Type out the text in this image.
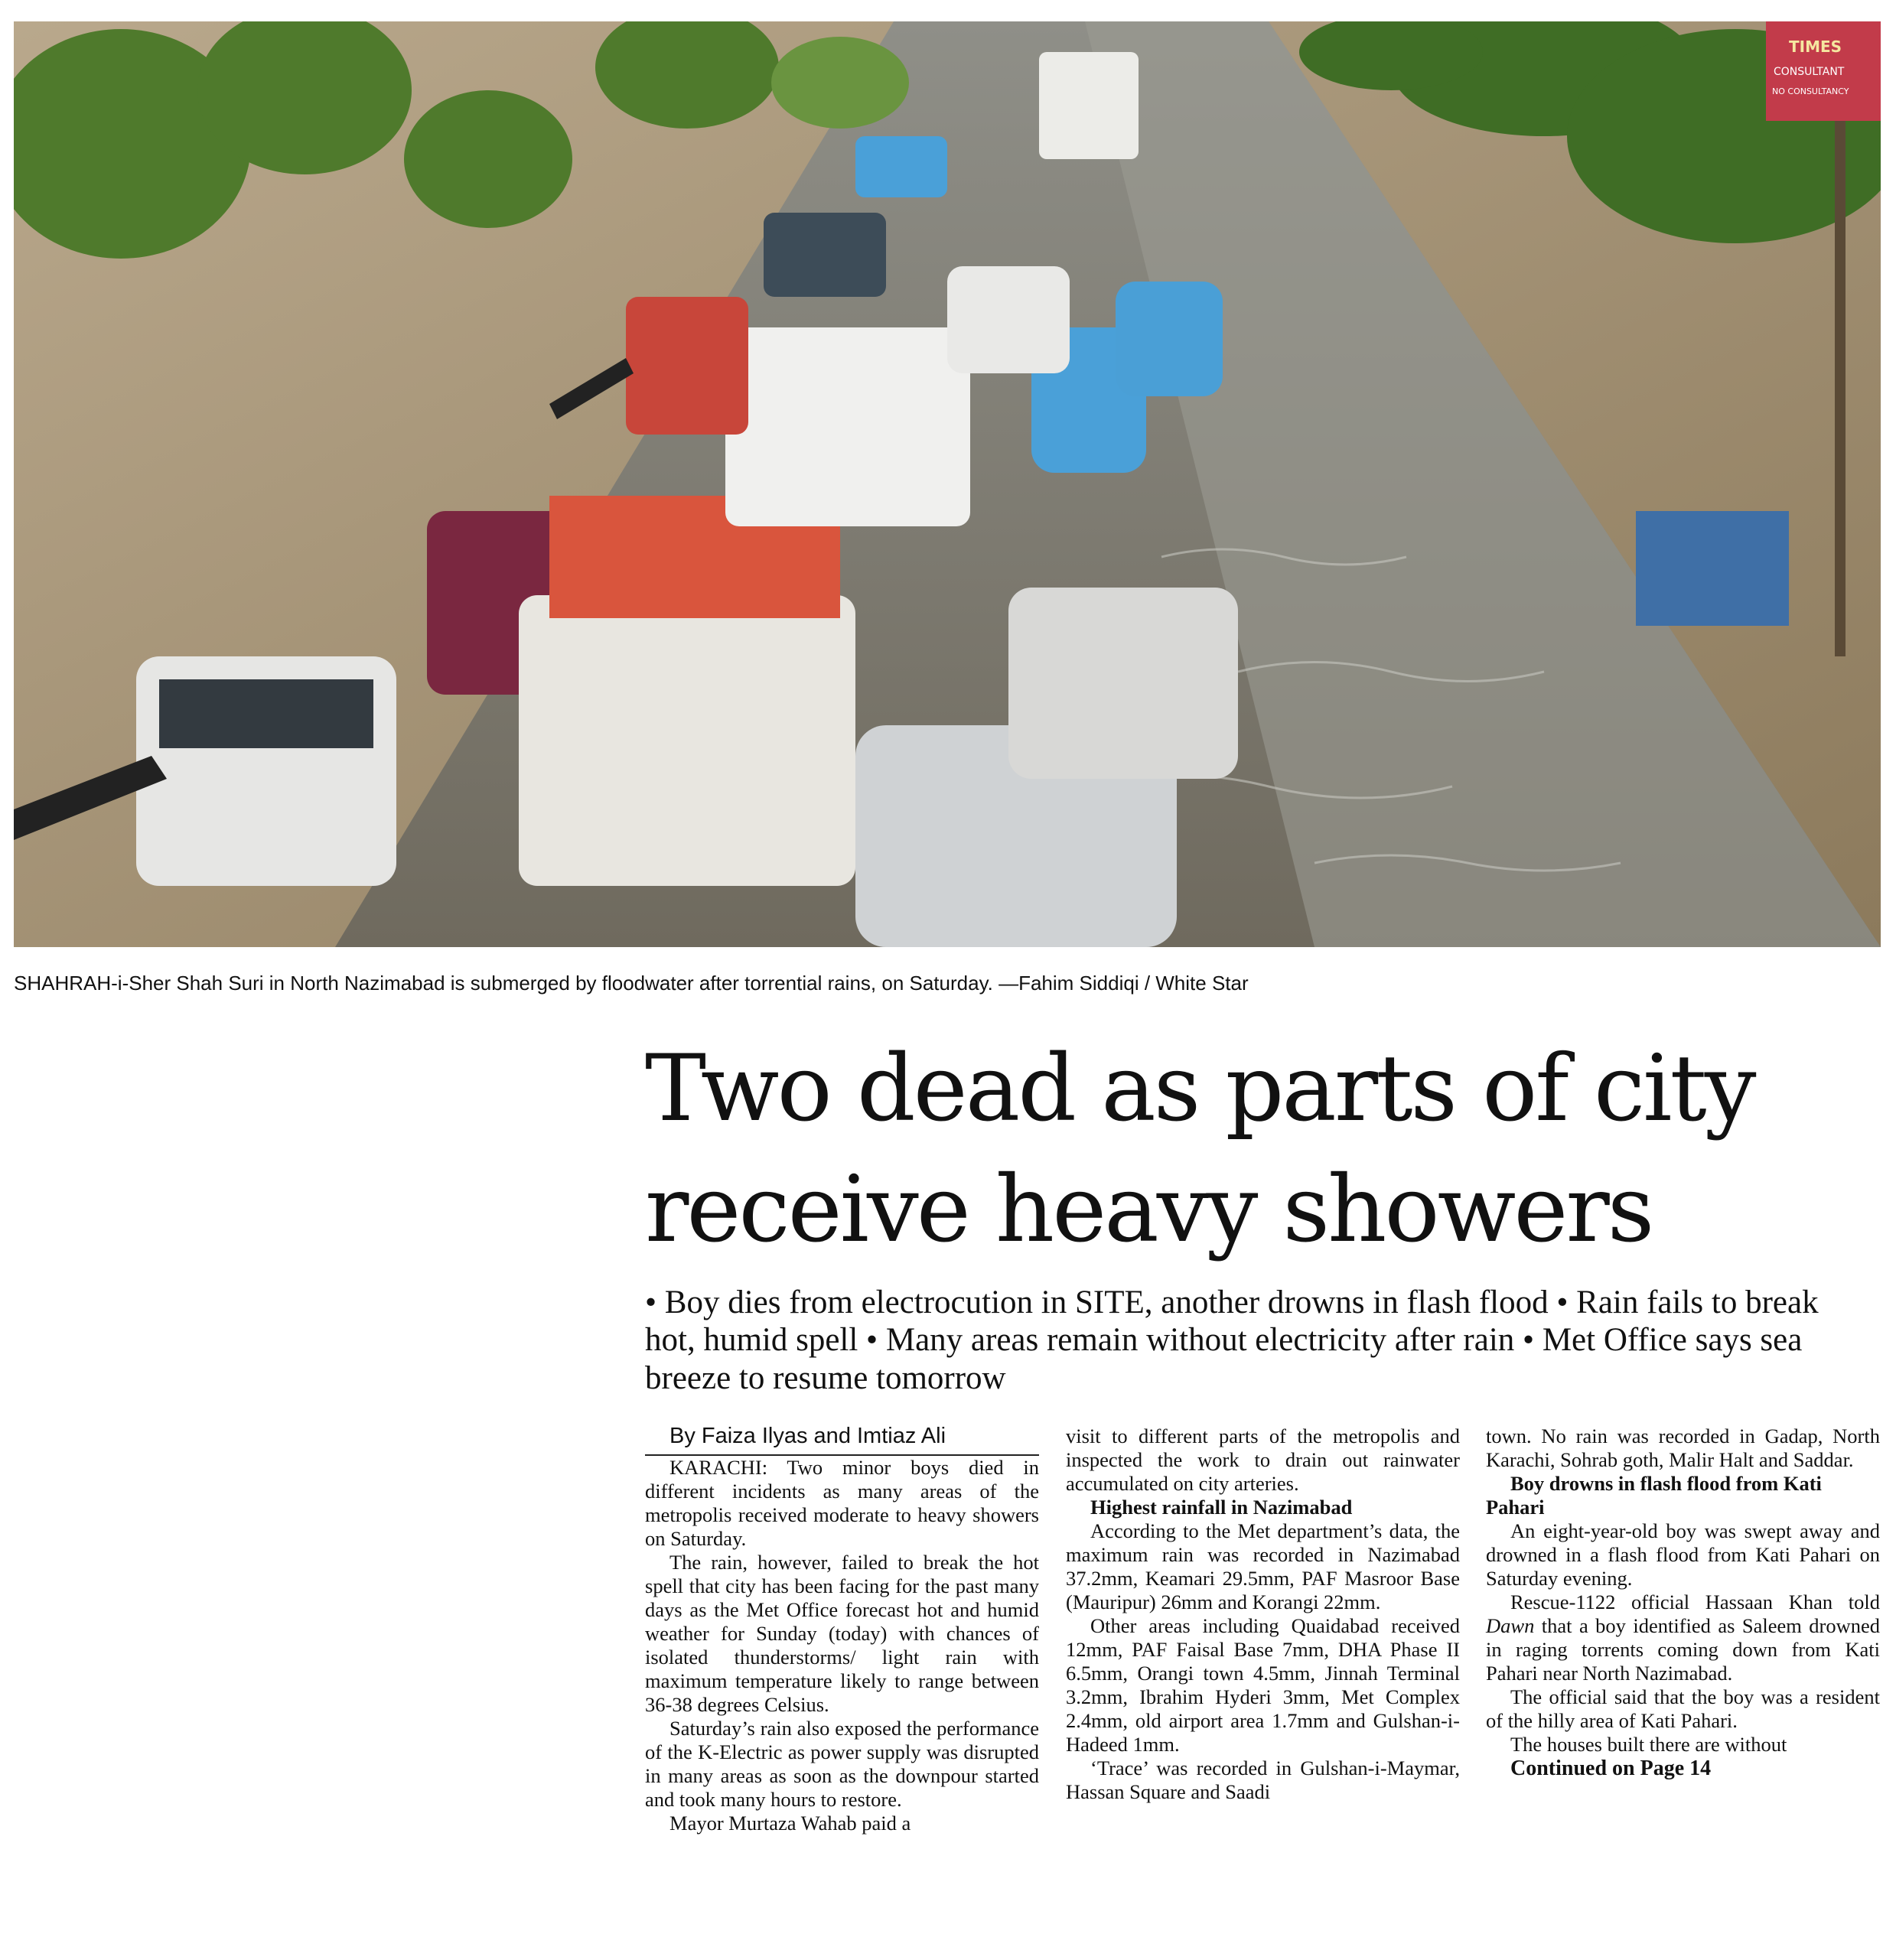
TIMES
CONSULTANT
NO CONSULTANCY
SHAHRAH-i-Sher Shah Suri in North Nazimabad is submerged by floodwater after torrential rains, on Saturday. —Fahim Siddiqi / White Star
Two dead as parts of city receive heavy showers
• Boy dies from electrocution in SITE, another drowns in flash flood • Rain fails to break hot, humid spell • Many areas remain without electricity after rain • Met Office says sea breeze to resume tomorrow

By Faiza Ilyas and Imtiaz Ali

KARACHI: Two minor boys died in different incidents as many areas of the metropolis received moderate to heavy showers on Saturday.

The rain, however, failed to break the hot spell that city has been facing for the past many days as the Met Office forecast hot and humid weather for Sunday (today) with chances of isolated thunderstorms/ light rain with maximum temperature likely to range between 36-38 degrees Celsius.

Saturday’s rain also exposed the performance of the K-Electric as power supply was disrupted in many areas as soon as the downpour started and took many hours to restore.

Mayor Murtaza Wahab paid a

visit to different parts of the metropolis and inspected the work to drain out rainwater accumulated on city arteries.

Highest rainfall in Nazimabad

According to the Met department’s data, the maximum rain was recorded in Nazimabad 37.2mm, Keamari 29.5mm, PAF Masroor Base (Mauripur) 26mm and Korangi 22mm.

Other areas including Quaidabad received 12mm, PAF Faisal Base 7mm, DHA Phase II 6.5mm, Orangi town 4.5mm, Jinnah Terminal 3.2mm, Ibrahim Hyderi 3mm, Met Complex 2.4mm, old airport area 1.7mm and Gulshan-i-Hadeed 1mm.

‘Trace’ was recorded in Gulshan-i-Maymar, Hassan Square and Saadi

town. No rain was recorded in Gadap, North Karachi, Sohrab goth, Malir Halt and Saddar.

Boy drowns in flash flood from Kati Pahari

An eight-year-old boy was swept away and drowned in a flash flood from Kati Pahari on Saturday evening.

Rescue-1122 official Hassaan Khan told Dawn that a boy identified as Saleem drowned in raging torrents coming down from Kati Pahari near North Nazimabad.

The official said that the boy was a resident of the hilly area of Kati Pahari.

The houses built there are without

Continued on Page 14
